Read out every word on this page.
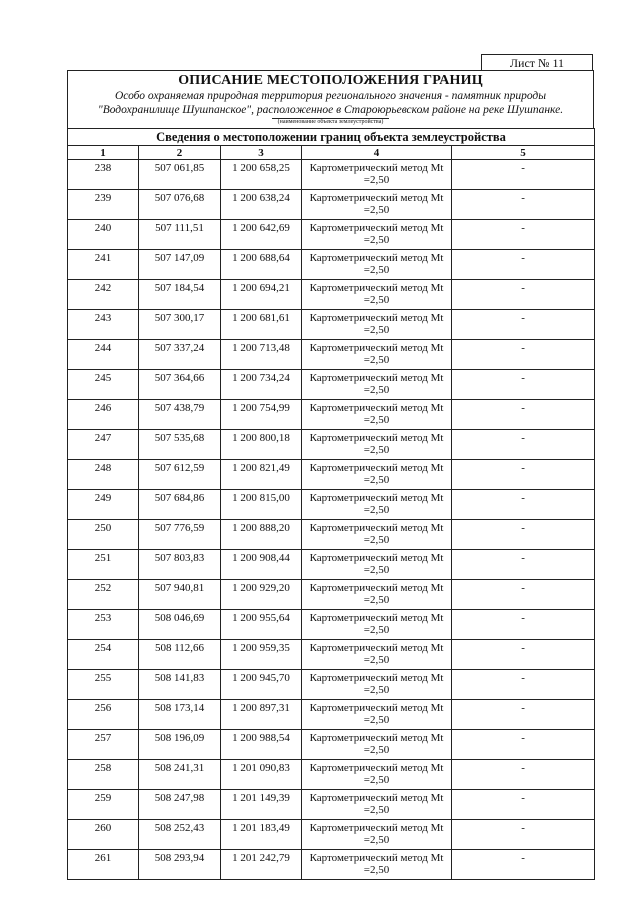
Лист № 11
ОПИСАНИЕ МЕСТОПОЛОЖЕНИЯ ГРАНИЦ
Особо охраняемая природная территория регионального значения - памятник природы
"Водохранилище Шушпанское", расположенное в Староюрьевском районе на реке Шушпанке.
(наименование объекта землеустройства)
Сведения о местоположении границ объекта землеустройства				
1	2	3	4	5
238	507 061,85	1 200 658,25	Картометрический метод Mt
=2,50	-
239	507 076,68	1 200 638,24	Картометрический метод Mt
=2,50	-
240	507 111,51	1 200 642,69	Картометрический метод Mt
=2,50	-
241	507 147,09	1 200 688,64	Картометрический метод Mt
=2,50	-
242	507 184,54	1 200 694,21	Картометрический метод Mt
=2,50	-
243	507 300,17	1 200 681,61	Картометрический метод Mt
=2,50	-
244	507 337,24	1 200 713,48	Картометрический метод Mt
=2,50	-
245	507 364,66	1 200 734,24	Картометрический метод Mt
=2,50	-
246	507 438,79	1 200 754,99	Картометрический метод Mt
=2,50	-
247	507 535,68	1 200 800,18	Картометрический метод Mt
=2,50	-
248	507 612,59	1 200 821,49	Картометрический метод Mt
=2,50	-
249	507 684,86	1 200 815,00	Картометрический метод Mt
=2,50	-
250	507 776,59	1 200 888,20	Картометрический метод Mt
=2,50	-
251	507 803,83	1 200 908,44	Картометрический метод Mt
=2,50	-
252	507 940,81	1 200 929,20	Картометрический метод Mt
=2,50	-
253	508 046,69	1 200 955,64	Картометрический метод Mt
=2,50	-
254	508 112,66	1 200 959,35	Картометрический метод Mt
=2,50	-
255	508 141,83	1 200 945,70	Картометрический метод Mt
=2,50	-
256	508 173,14	1 200 897,31	Картометрический метод Mt
=2,50	-
257	508 196,09	1 200 988,54	Картометрический метод Mt
=2,50	-
258	508 241,31	1 201 090,83	Картометрический метод Mt
=2,50	-
259	508 247,98	1 201 149,39	Картометрический метод Mt
=2,50	-
260	508 252,43	1 201 183,49	Картометрический метод Mt
=2,50	-
261	508 293,94	1 201 242,79	Картометрический метод Mt
=2,50	-
